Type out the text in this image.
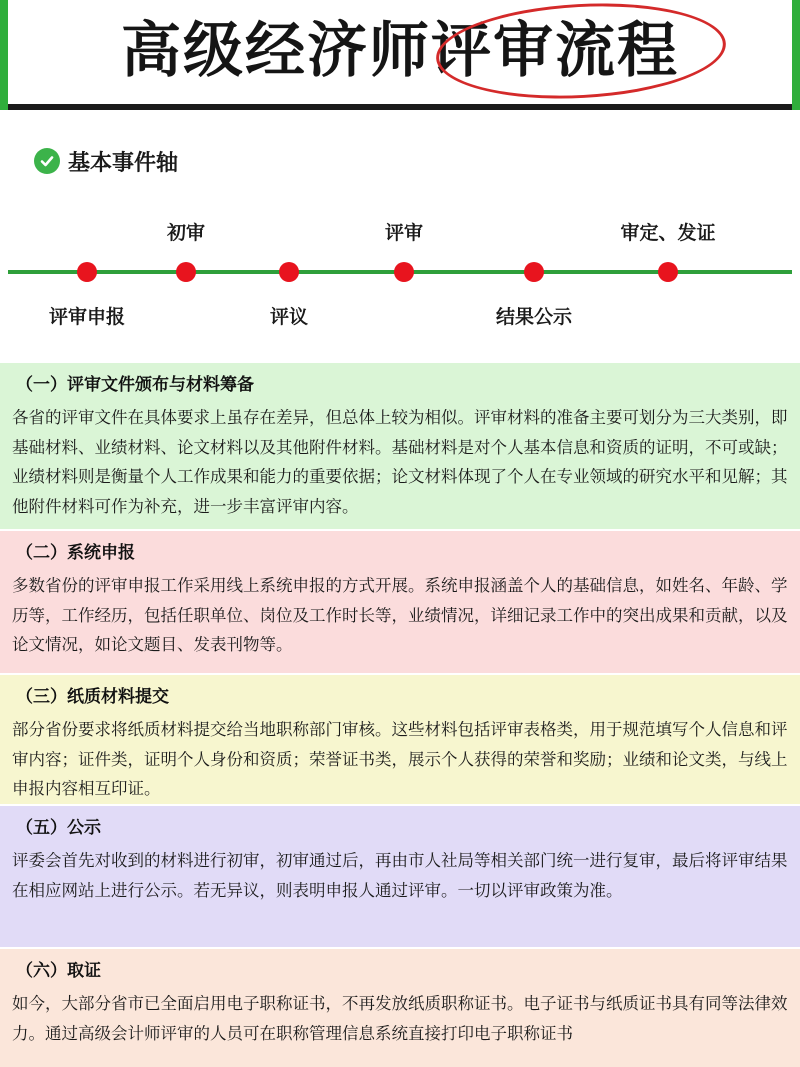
高级经济师评审流程
基本事件轴
评审申报
初审
评议
评审
结果公示
审定、发证
（一）评审文件颁布与材料筹备

各省的评审文件在具体要求上虽存在差异，但总体上较为相似。评审材料的准备主要可划分为三大类别，即基础材料、业绩材料、论文材料以及其他附件材料。基础材料是对个人基本信息和资质的证明，不可或缺；业绩材料则是衡量个人工作成果和能力的重要依据；论文材料体现了个人在专业领域的研究水平和见解；其他附件材料可作为补充，进一步丰富评审内容。

（二）系统申报

多数省份的评审申报工作采用线上系统申报的方式开展。系统申报涵盖个人的基础信息，如姓名、年龄、学历等，工作经历，包括任职单位、岗位及工作时长等，业绩情况，详细记录工作中的突出成果和贡献，以及论文情况，如论文题目、发表刊物等。

（三）纸质材料提交

部分省份要求将纸质材料提交给当地职称部门审核。这些材料包括评审表格类，用于规范填写个人信息和评审内容；证件类，证明个人身份和资质；荣誉证书类，展示个人获得的荣誉和奖励；业绩和论文类，与线上申报内容相互印证。

（五）公示

评委会首先对收到的材料进行初审，初审通过后，再由市人社局等相关部门统一进行复审，最后将评审结果在相应网站上进行公示。若无异议，则表明申报人通过评审。一切以评审政策为准。

（六）取证

如今，大部分省市已全面启用电子职称证书，不再发放纸质职称证书。电子证书与纸质证书具有同等法律效力。通过高级会计师评审的人员可在职称管理信息系统直接打印电子职称证书
